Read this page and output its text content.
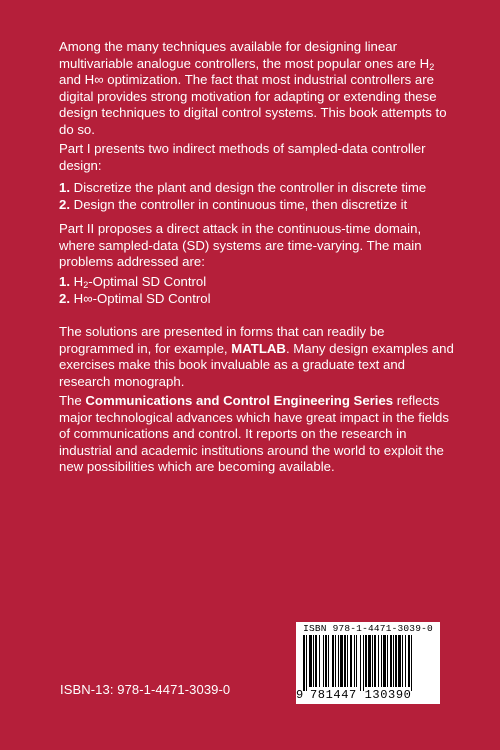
Among the many techniques available for designing linear multivariable analogue controllers, the most popular ones are $H_2$ and H∞ optimization. The fact that most industrial controllers are digital provides strong motivation for adapting or extending these design techniques to digital control systems. This book attempts to do so.

Part I presents two indirect methods of sampled-data controller design:

1. Discretize the plant and design the controller in discrete time

2. Design the controller in continuous time, then discretize it

Part II proposes a direct attack in the continuous-time domain, where sampled-data (SD) systems are time-varying. The main problems addressed are:

1. $H_2$-Optimal SD Control

2. H∞-Optimal SD Control

The solutions are presented in forms that can readily be programmed in, for example, MATLAB. Many design examples and exercises make this book invaluable as a graduate text and research monograph.

The Communications and Control Engineering Series reflects major technological advances which have great impact in the fields of communications and control. It reports on the research in industrial and academic institutions around the world to exploit the new possibilities which are becoming available.

ISBN-13: 978-1-4471-3039-0
ISBN 978-1-4471-3039-0
9 781447 130390
